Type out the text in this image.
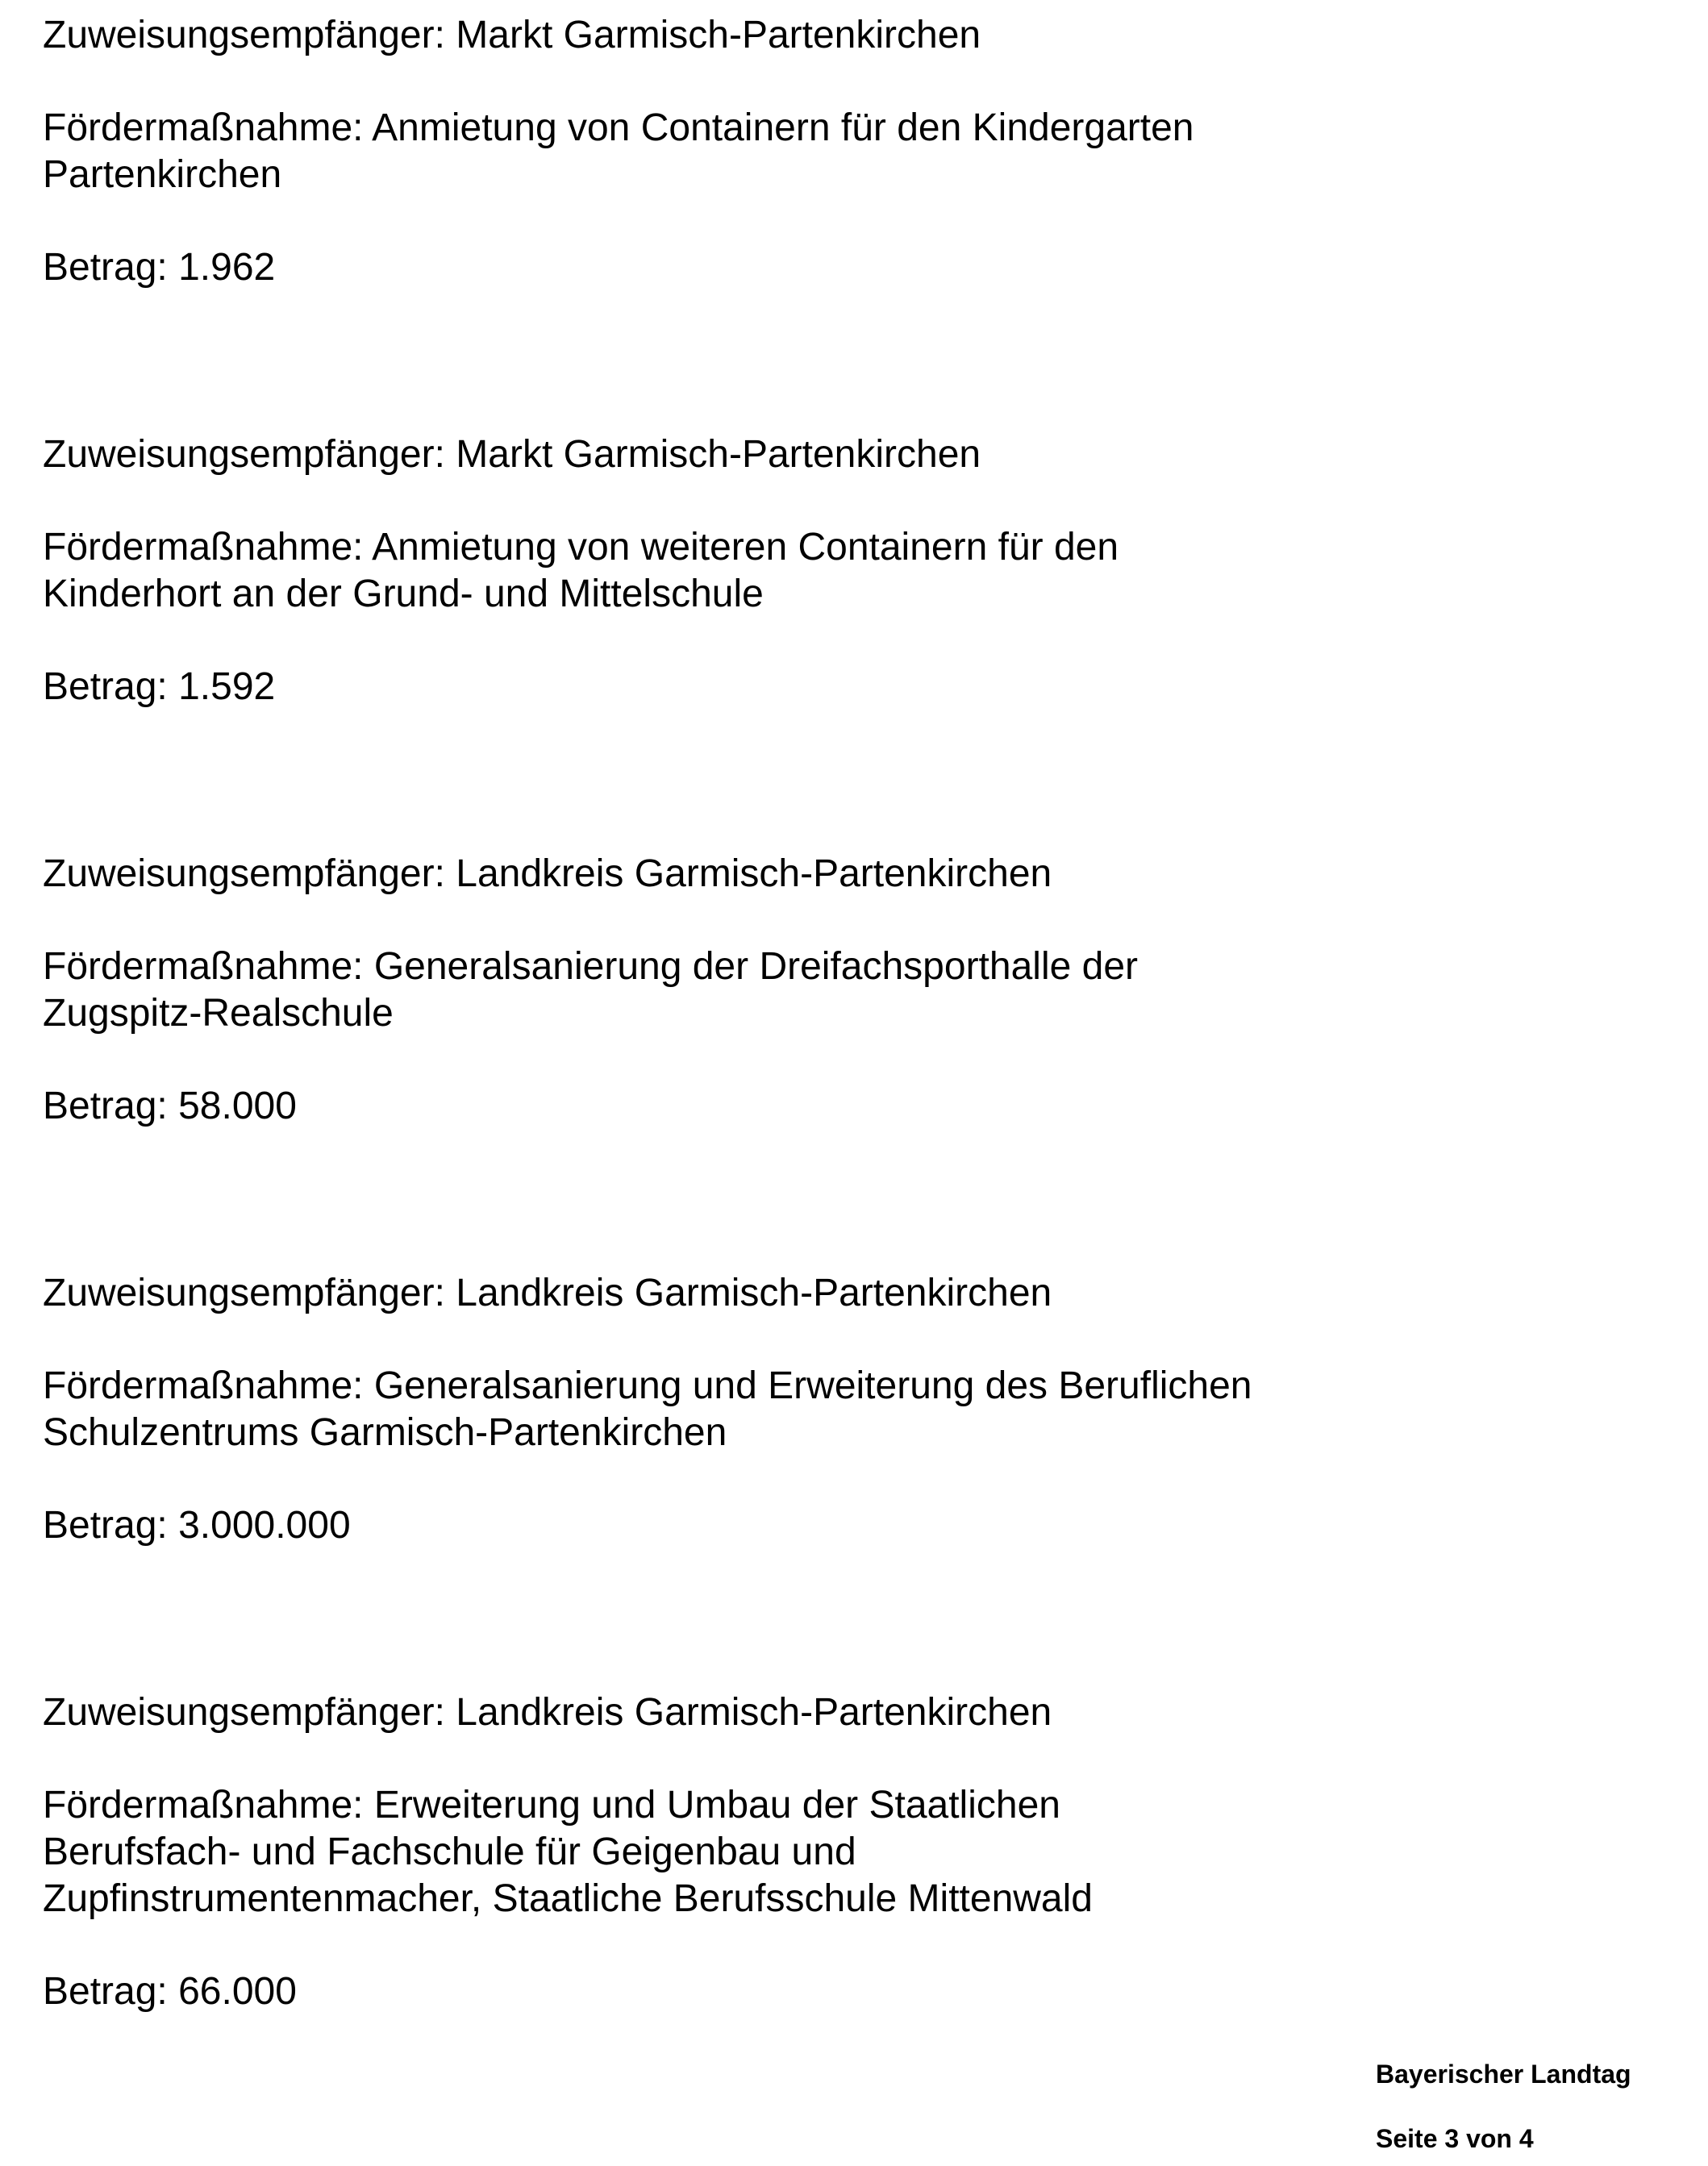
Zuweisungsempfänger: Markt Garmisch-Partenkirchen

Fördermaßnahme: Anmietung von Containern für den Kindergarten

Partenkirchen

Betrag: 1.962

Zuweisungsempfänger: Markt Garmisch-Partenkirchen

Fördermaßnahme: Anmietung von weiteren Containern für den

Kinderhort an der Grund- und Mittelschule

Betrag: 1.592

Zuweisungsempfänger: Landkreis Garmisch-Partenkirchen

Fördermaßnahme: Generalsanierung der Dreifachsporthalle der

Zugspitz-Realschule

Betrag: 58.000

Zuweisungsempfänger: Landkreis Garmisch-Partenkirchen

Fördermaßnahme: Generalsanierung und Erweiterung des Beruflichen

Schulzentrums Garmisch-Partenkirchen

Betrag: 3.000.000

Zuweisungsempfänger: Landkreis Garmisch-Partenkirchen

Fördermaßnahme: Erweiterung und Umbau der Staatlichen

Berufsfach- und Fachschule für Geigenbau und

Zupfinstrumentenmacher, Staatliche Berufsschule Mittenwald

Betrag: 66.000

Bayerischer Landtag
Seite 3 von 4
